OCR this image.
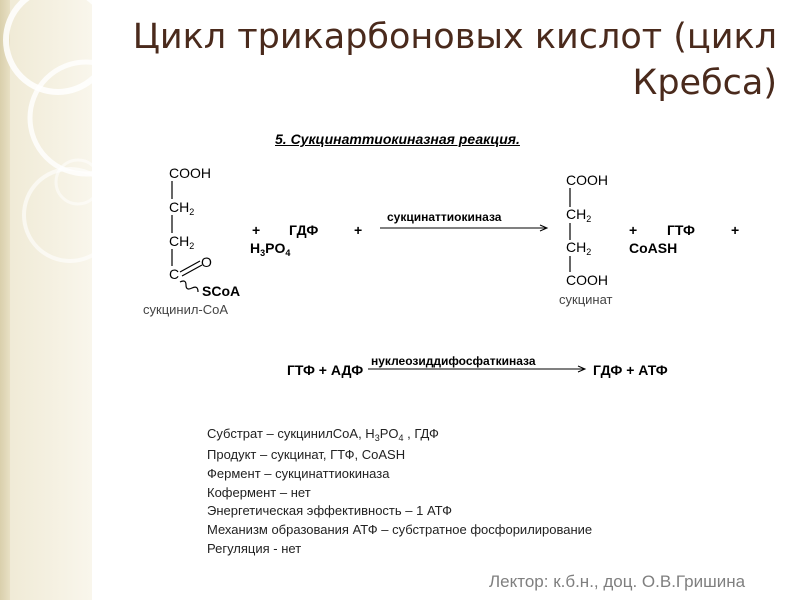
Цикл трикарбоновых кислот (цикл Кребса)
5. Сукцинаттиокиназная реакция.
COOH
$CH_2$
$CH_2$
C
O
SCoA
сукцинил-CoA
+ ГДФ	+
$H_3PO_4$
сукцинаттиокиназа
COOH
$CH_2$
$CH_2$
COOH
сукцинат
+ ГТФ	+
CoASH
ГТФ + АДФ
нуклеозиддифосфаткиназа
ГДФ + АТФ
Субстрат – сукцинилCoA, $H_3PO_4$ , ГДФ
Продукт – сукцинат, ГТФ, CoASH
Фермент – сукцинаттиокиназа
Кофермент – нет
Энергетическая эффективность – 1 АТФ
Механизм образования АТФ – субстратное фосфорилирование
Регуляция - нет
Лектор: к.б.н., доц. О.В.Гришина
